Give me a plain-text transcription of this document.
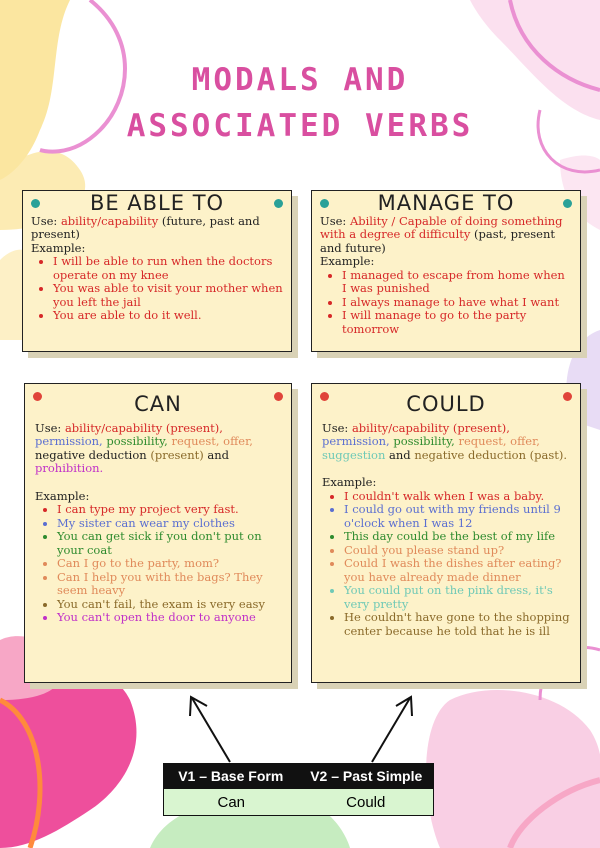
MODALS AND
ASSOCIATED VERBS
BE ABLE TO

Use: ability/capability (future, past and present)

Example:

• I will be able to run when the doctors operate on my knee
• You was able to visit your mother when you left the jail
• You are able to do it well.
MANAGE TO

Use: Ability / Capable of doing something with a degree of difficulty (past, present and future)

Example:

• I managed to escape from home when I was punished
• I always manage to have what I want
• I will manage to go to the party tomorrow
CAN

Use: ability/capability (present), permission, possibility, request, offer, negative deduction (present) and prohibition.

Example:

• I can type my project very fast.
• My sister can wear my clothes
• You can get sick if you don't put on your coat
• Can I go to the party, mom?
• Can I help you with the bags? They seem heavy
• You can't fail, the exam is very easy
• You can't open the door to anyone
COULD

Use: ability/capability (present), permission, possibility, request, offer, suggestion and negative deduction (past).

Example:

• I couldn't walk when I was a baby.
• I could go out with my friends until 9 o'clock when I was 12
• This day could be the best of my life
• Could you please stand up?
• Could I wash the dishes after eating? you have already made dinner
• You could put on the pink dress, it's very pretty
• He couldn't have gone to the shopping center because he told that he is ill
V1 – Base Form	V2 – Past Simple
Can	Could
